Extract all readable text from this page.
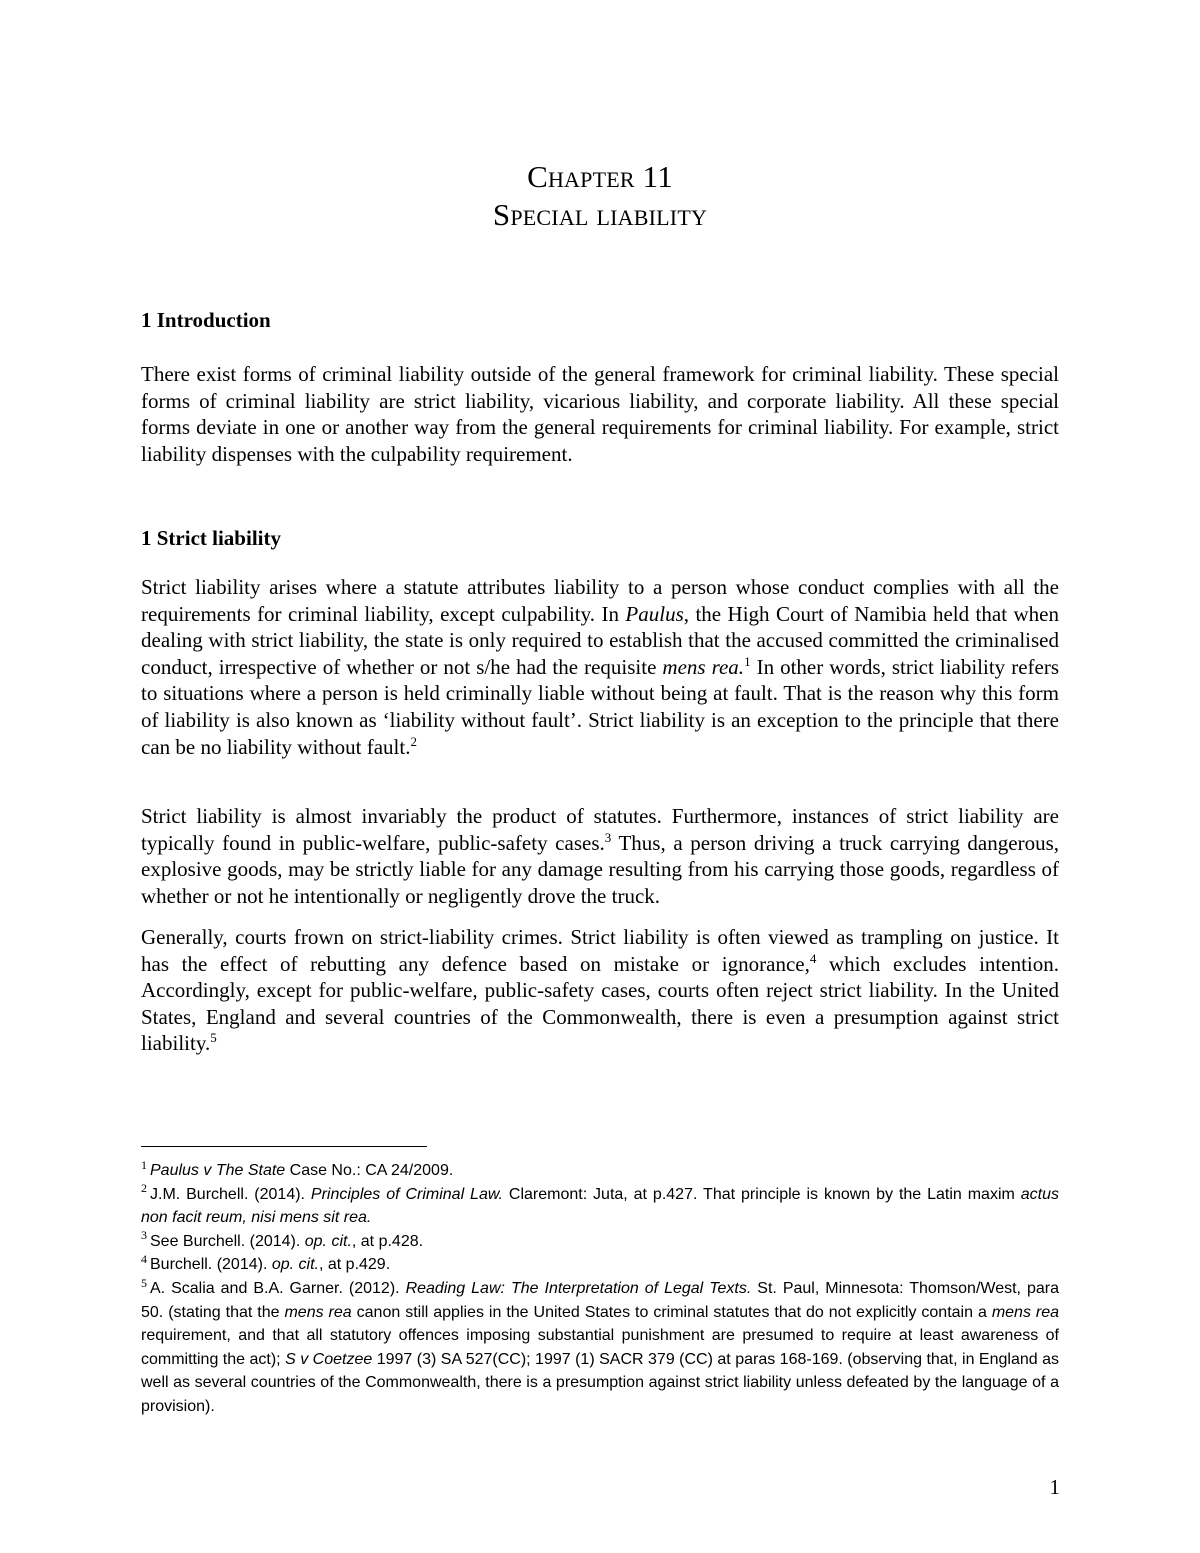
Chapter 11
Special liability
1 Introduction

There exist forms of criminal liability outside of the general framework for criminal liability. These special forms of criminal liability are strict liability, vicarious liability, and corporate liability. All these special forms deviate in one or another way from the general requirements for criminal liability. For example, strict liability dispenses with the culpability requirement.

1 Strict liability

Strict liability arises where a statute attributes liability to a person whose conduct complies with all the requirements for criminal liability, except culpability. In Paulus, the High Court of Namibia held that when dealing with strict liability, the state is only required to establish that the accused committed the criminalised conduct, irrespective of whether or not s/he had the requisite mens rea.$^1$ In other words, strict liability refers to situations where a person is held criminally liable without being at fault. That is the reason why this form of liability is also known as ‘liability without fault’. Strict liability is an exception to the principle that there can be no liability without fault.$^2$

Strict liability is almost invariably the product of statutes. Furthermore, instances of strict liability are typically found in public-welfare, public-safety cases.$^3$ Thus, a person driving a truck carrying dangerous, explosive goods, may be strictly liable for any damage resulting from his carrying those goods, regardless of whether or not he intentionally or negligently drove the truck.

Generally, courts frown on strict-liability crimes. Strict liability is often viewed as trampling on justice. It has the effect of rebutting any defence based on mistake or ignorance,$^4$ which excludes intention. Accordingly, except for public-welfare, public-safety cases, courts often reject strict liability. In the United States, England and several countries of the Commonwealth, there is even a presumption against strict liability.$^5$

$^1$ Paulus v The State Case No.: CA 24/2009.

$^2$ J.M. Burchell. (2014). Principles of Criminal Law. Claremont: Juta, at p.427. That principle is known by the Latin maxim actus non facit reum, nisi mens sit rea.

$^3$ See Burchell. (2014). op. cit., at p.428.

$^4$ Burchell. (2014). op. cit., at p.429.

$^5$ A. Scalia and B.A. Garner. (2012). Reading Law: The Interpretation of Legal Texts. St. Paul, Minnesota: Thomson/West, para 50. (stating that the mens rea canon still applies in the United States to criminal statutes that do not explicitly contain a mens rea requirement, and that all statutory offences imposing substantial punishment are presumed to require at least awareness of committing the act); S v Coetzee 1997 (3) SA 527(CC); 1997 (1) SACR 379 (CC) at paras 168-169. (observing that, in England as well as several countries of the Commonwealth, there is a presumption against strict liability unless defeated by the language of a provision).

1
